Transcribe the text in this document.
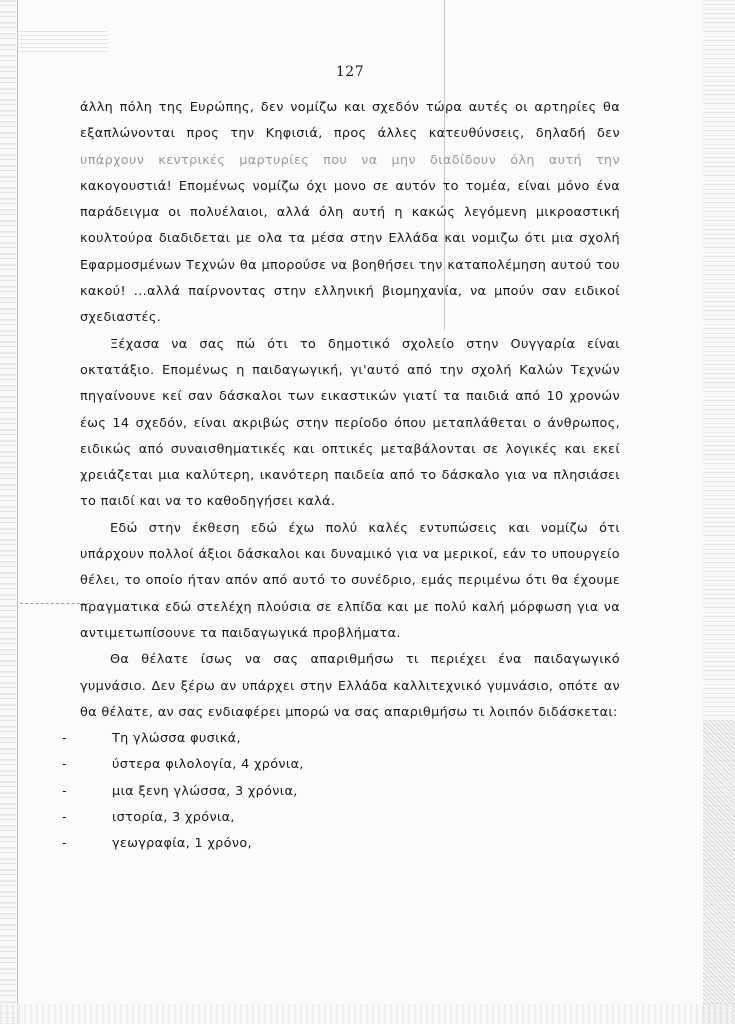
127

άλλη πόλη της Ευρώπης, δεν νομίζω και σχεδόν τώρα αυτές οι αρτηρίες θα εξαπλώνονται προς την Κηφισιά, προς άλλες κατευθύνσεις, δηλαδή δεν υπάρχουν κεντρικές μαρτυρίες που να μην διαδίδουν όλη αυτή την κακογουστιά! Επομένως νομίζω όχι μονο σε αυτόν το τομέα, είναι μόνο ένα παράδειγμα οι πολυέλαιοι, αλλά όλη αυτή η κακώς λεγόμενη μικροαστική κουλτούρα διαδιδεται με ολα τα μέσα στην Ελλάδα και νομιζω ότι μια σχολή Εφαρμοσμένων Τεχνών θα μπορούσε να βοηθήσει την καταπολέμηση αυτού του κακού! ...αλλά παίρνοντας στην ελληνική βιομηχανία, να μπούν σαν ειδικοί σχεδιαστές.

Ξέχασα να σας πώ ότι το δημοτικό σχολείο στην Ουγγαρία είναι οκτατάξιο. Επομένως η παιδαγωγική, γι'αυτό από την σχολή Καλών Τεχνών πηγαίνουνε κεί σαν δάσκαλοι των εικαστικών γιατί τα παιδιά από 10 χρονών έως 14 σχεδόν, είναι ακριβώς στην περίοδο όπου μεταπλάθεται ο άνθρωπος, ειδικώς από συναισθηματικές και οπτικές μεταβάλονται σε λογικές και εκεί χρειάζεται μια καλύτερη, ικανότερη παιδεία από το δάσκαλο για να πλησιάσει το παιδί και να το καθοδηγήσει καλά.

Εδώ στην έκθεση εδώ έχω πολύ καλές εντυπώσεις και νομίζω ότι υπάρχουν πολλοί άξιοι δάσκαλοι και δυναμικό για να μερικοί, εάν το υπουργείο θέλει, το οποίο ήταν απόν από αυτό το συνέδριο, εμάς περιμένω ότι θα έχουμε πραγματικα εδώ στελέχη πλούσια σε ελπίδα και με πολύ καλή μόρφωση για να αντιμετωπίσουνε τα παιδαγωγικά προβλήματα.

Θα θέλατε ίσως να σας απαριθμήσω τι περιέχει ένα παιδαγωγικό γυμνάσιο. Δεν ξέρω αν υπάρχει στην Ελλάδα καλλιτεχνικό γυμνάσιο, οπότε αν θα θέλατε, αν σας ενδιαφέρει μπορώ να σας απαριθμήσω τι λοιπόν διδάσκεται:

-	Τη γλώσσα φυσικά,
-	ύστερα φιλολογία, 4 χρόνια,
-	μια ξενη γλώσσα, 3 χρόνια,
-	ιστορία, 3 χρόνια,
-	γεωγραφία, 1 χρόνο,
